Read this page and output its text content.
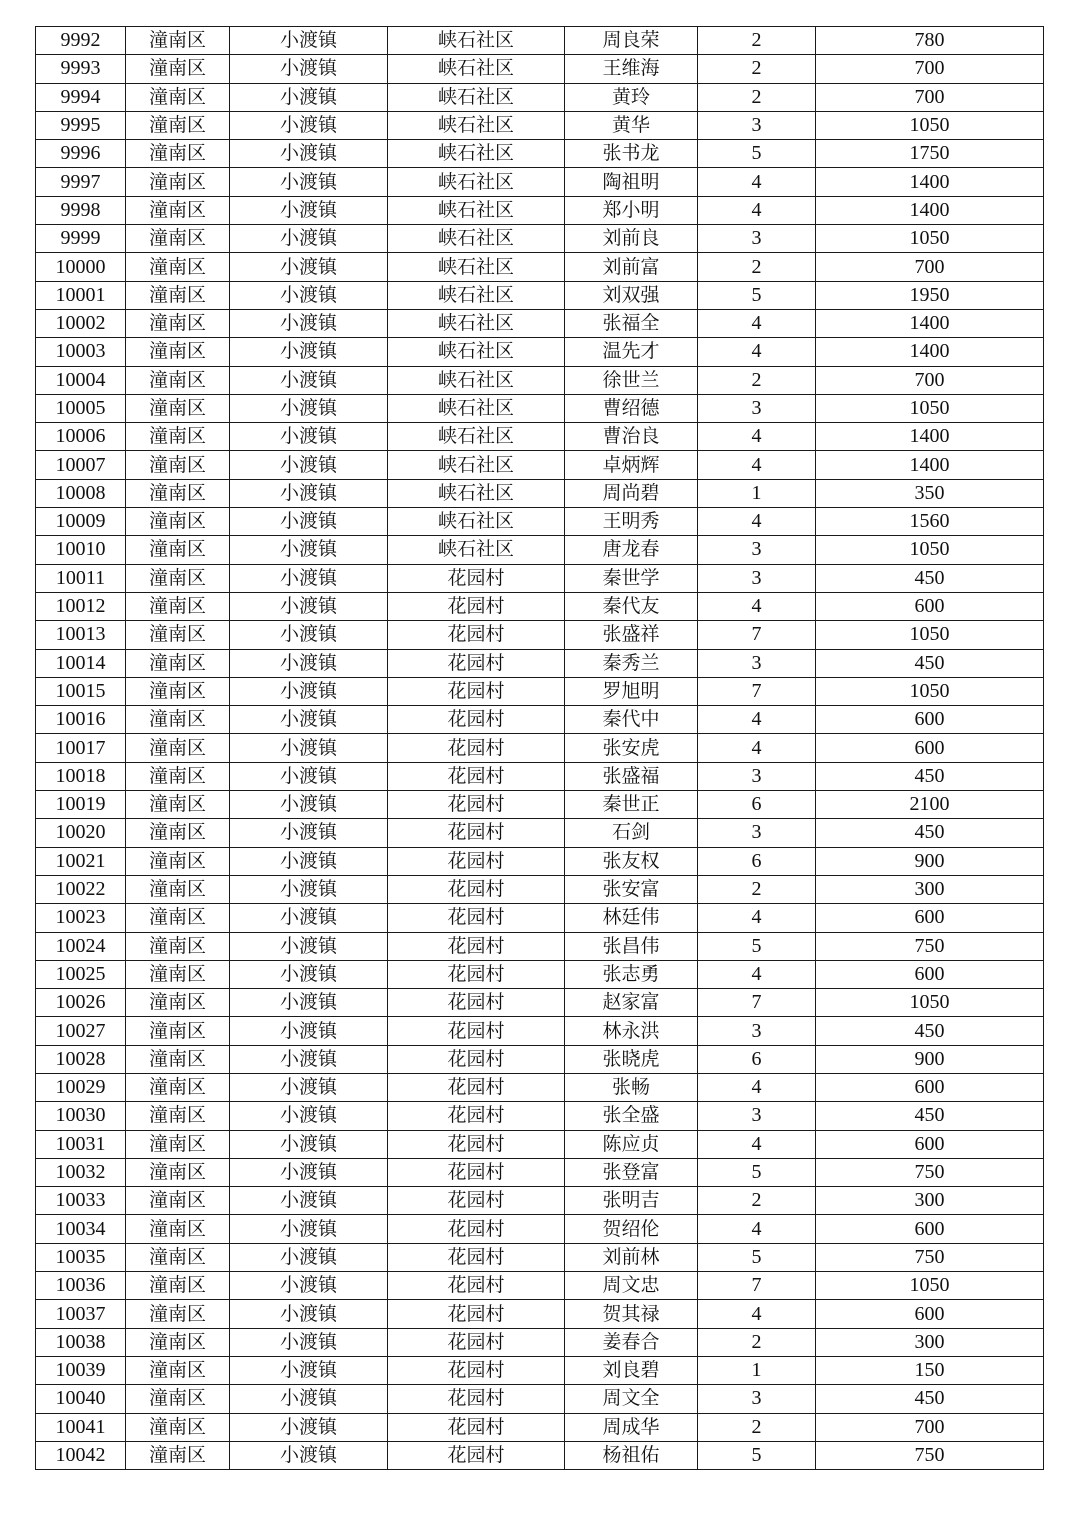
9992	潼南区	小渡镇	峡石社区	周良荣	2	780
9993	潼南区	小渡镇	峡石社区	王维海	2	700
9994	潼南区	小渡镇	峡石社区	黄玲	2	700
9995	潼南区	小渡镇	峡石社区	黄华	3	1050
9996	潼南区	小渡镇	峡石社区	张书龙	5	1750
9997	潼南区	小渡镇	峡石社区	陶祖明	4	1400
9998	潼南区	小渡镇	峡石社区	郑小明	4	1400
9999	潼南区	小渡镇	峡石社区	刘前良	3	1050
10000	潼南区	小渡镇	峡石社区	刘前富	2	700
10001	潼南区	小渡镇	峡石社区	刘双强	5	1950
10002	潼南区	小渡镇	峡石社区	张福全	4	1400
10003	潼南区	小渡镇	峡石社区	温先才	4	1400
10004	潼南区	小渡镇	峡石社区	徐世兰	2	700
10005	潼南区	小渡镇	峡石社区	曹绍德	3	1050
10006	潼南区	小渡镇	峡石社区	曹治良	4	1400
10007	潼南区	小渡镇	峡石社区	卓炳辉	4	1400
10008	潼南区	小渡镇	峡石社区	周尚碧	1	350
10009	潼南区	小渡镇	峡石社区	王明秀	4	1560
10010	潼南区	小渡镇	峡石社区	唐龙春	3	1050
10011	潼南区	小渡镇	花园村	秦世学	3	450
10012	潼南区	小渡镇	花园村	秦代友	4	600
10013	潼南区	小渡镇	花园村	张盛祥	7	1050
10014	潼南区	小渡镇	花园村	秦秀兰	3	450
10015	潼南区	小渡镇	花园村	罗旭明	7	1050
10016	潼南区	小渡镇	花园村	秦代中	4	600
10017	潼南区	小渡镇	花园村	张安虎	4	600
10018	潼南区	小渡镇	花园村	张盛福	3	450
10019	潼南区	小渡镇	花园村	秦世正	6	2100
10020	潼南区	小渡镇	花园村	石剑	3	450
10021	潼南区	小渡镇	花园村	张友权	6	900
10022	潼南区	小渡镇	花园村	张安富	2	300
10023	潼南区	小渡镇	花园村	林廷伟	4	600
10024	潼南区	小渡镇	花园村	张昌伟	5	750
10025	潼南区	小渡镇	花园村	张志勇	4	600
10026	潼南区	小渡镇	花园村	赵家富	7	1050
10027	潼南区	小渡镇	花园村	林永洪	3	450
10028	潼南区	小渡镇	花园村	张晓虎	6	900
10029	潼南区	小渡镇	花园村	张畅	4	600
10030	潼南区	小渡镇	花园村	张全盛	3	450
10031	潼南区	小渡镇	花园村	陈应贞	4	600
10032	潼南区	小渡镇	花园村	张登富	5	750
10033	潼南区	小渡镇	花园村	张明吉	2	300
10034	潼南区	小渡镇	花园村	贺绍伦	4	600
10035	潼南区	小渡镇	花园村	刘前林	5	750
10036	潼南区	小渡镇	花园村	周文忠	7	1050
10037	潼南区	小渡镇	花园村	贺其禄	4	600
10038	潼南区	小渡镇	花园村	姜春合	2	300
10039	潼南区	小渡镇	花园村	刘良碧	1	150
10040	潼南区	小渡镇	花园村	周文全	3	450
10041	潼南区	小渡镇	花园村	周成华	2	700
10042	潼南区	小渡镇	花园村	杨祖佑	5	750
